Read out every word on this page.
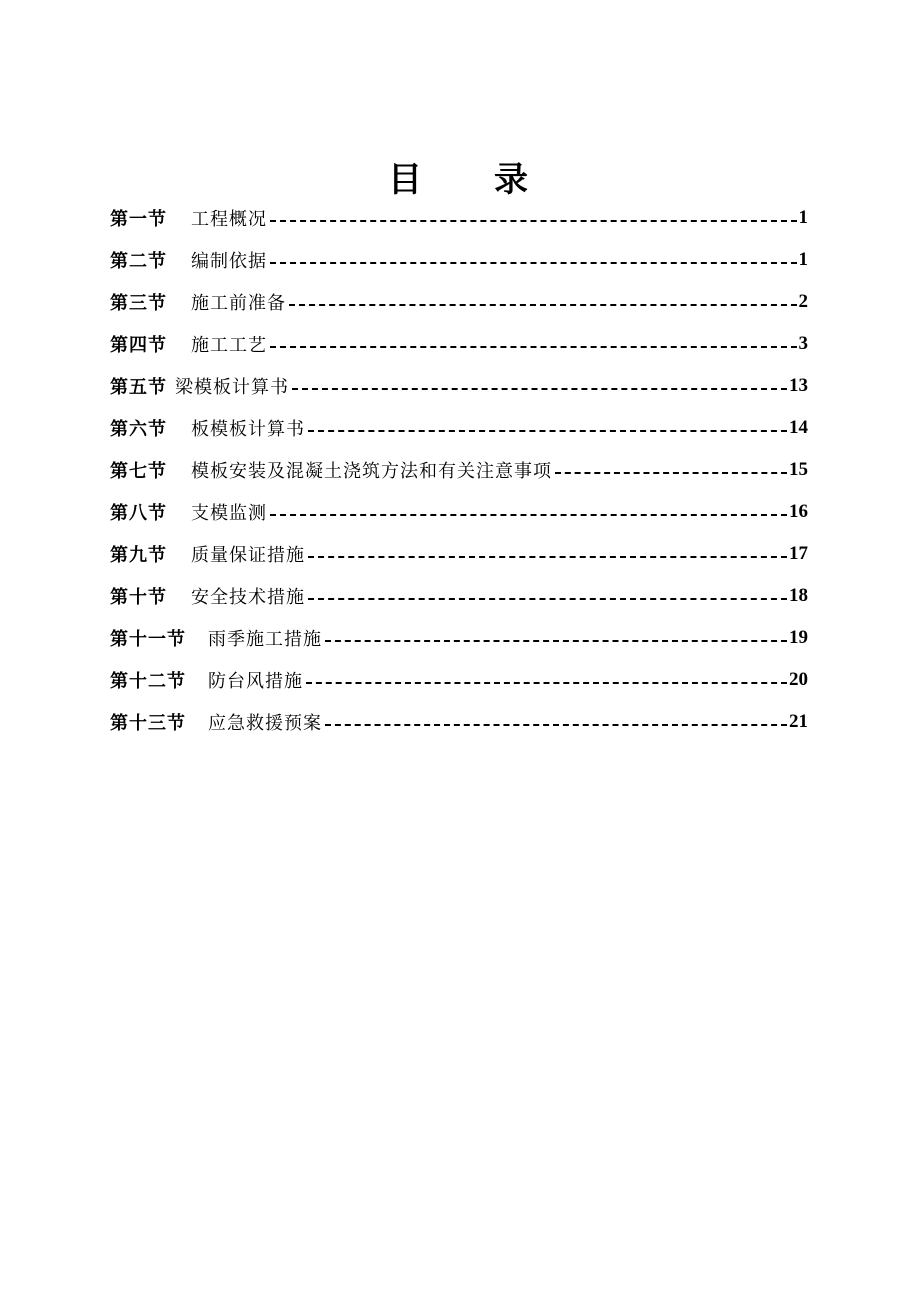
目 录
第一节 工程概况	1
第二节 编制依据	1
第三节 施工前准备	2
第四节 施工工艺	3
第五节 梁模板计算书	13
第六节 板模板计算书	14
第七节 模板安装及混凝土浇筑方法和有关注意事项	15
第八节 支模监测	16
第九节 质量保证措施	17
第十节 安全技术措施	18
第十一节 雨季施工措施	19
第十二节 防台风措施	20
第十三节 应急救援预案	21
